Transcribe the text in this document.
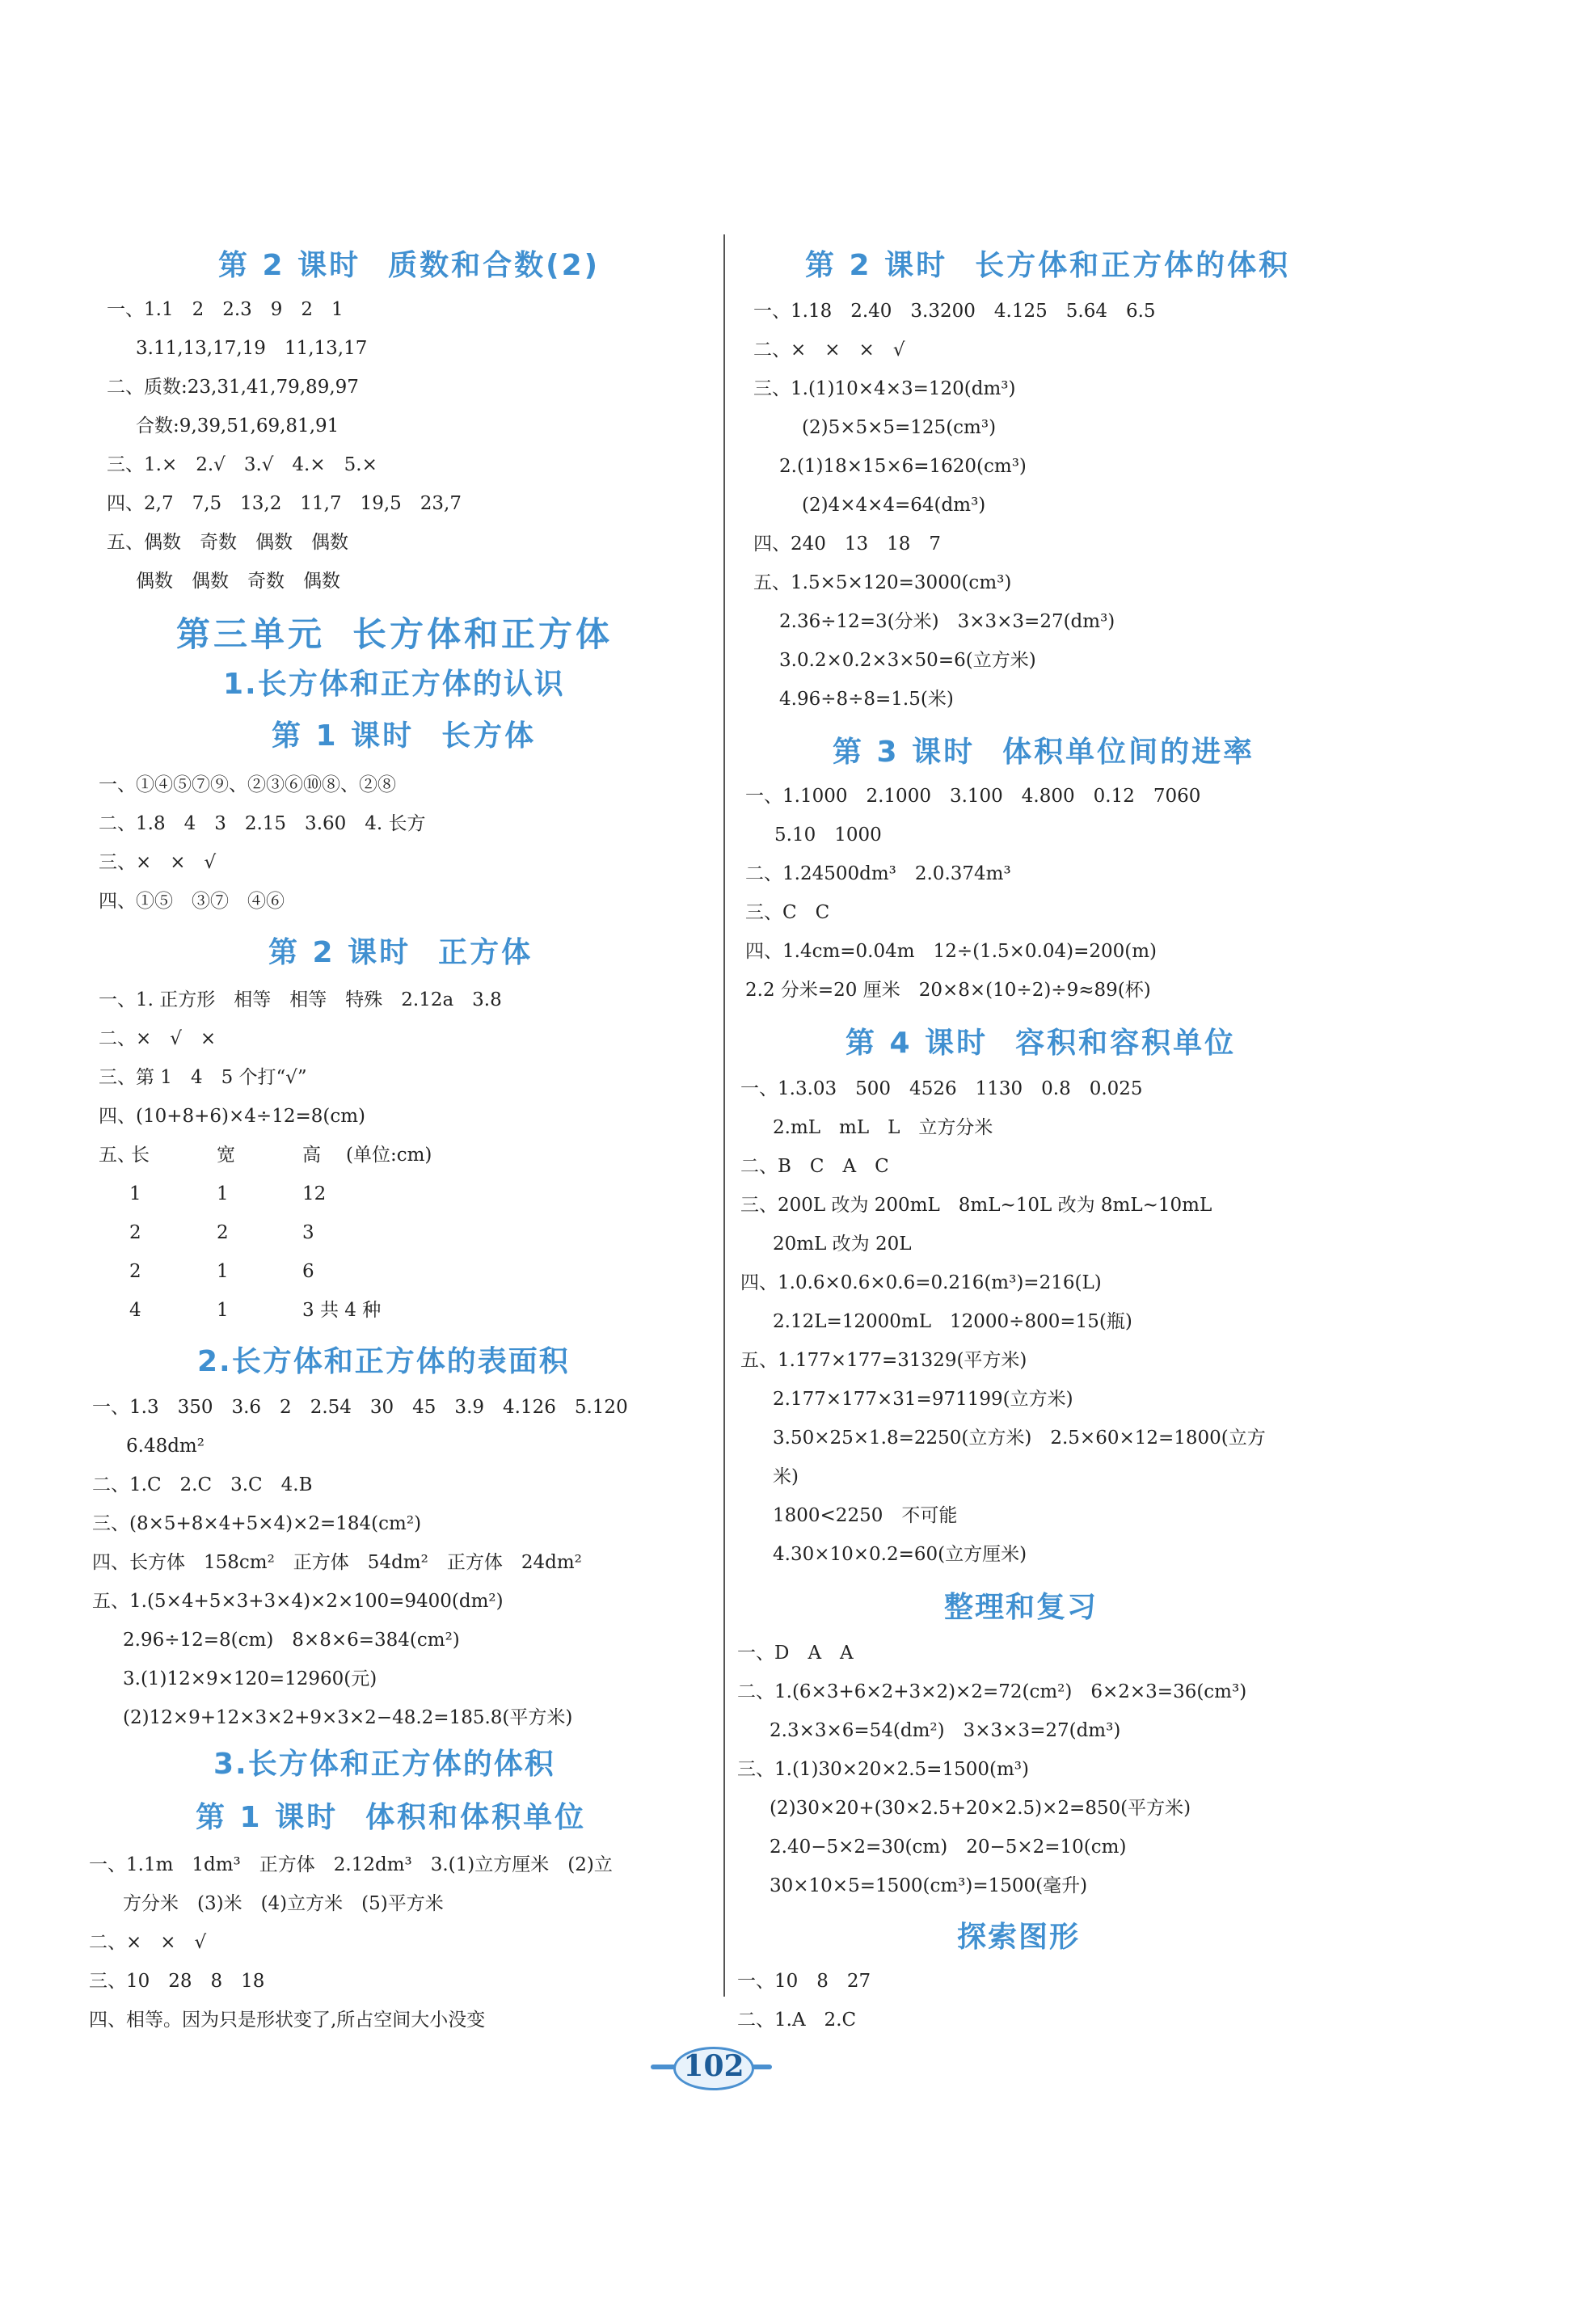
第 2 课时 质数和合数(2)
一、1.1　2　2.3　9　2　1
3.11,13,17,19　11,13,17
二、质数:23,31,41,79,89,97
合数:9,39,51,69,81,91
三、1.×　2.√　3.√　4.×　5.×
四、2,7　7,5　13,2　11,7　19,5　23,7
五、偶数　奇数　偶数　偶数
偶数　偶数　奇数　偶数
第三单元 长方体和正方体
1.长方体和正方体的认识
第 1 课时 长方体
一、①④⑤⑦⑨、②③⑥⑩⑧、②⑧
二、1.8　4　3　2.15　3.60　4. 长方
三、×　×　√
四、①⑤　③⑦　④⑥
第 2 课时 正方体
一、1. 正方形　相等　相等　特殊　2.12a　3.8
二、×　√　×
三、第 1　4　5 个打“√”
四、(10+8+6)×4÷12=8(cm)
五、
长	宽	高 (单位:cm)
1	1	12
2	2	3
2	1	6
4	1	3 共 4 种
2.长方体和正方体的表面积
一、1.3　350　3.6　2　2.54　30　45　3.9　4.126　5.120
6.48dm²
二、1.C　2.C　3.C　4.B
三、(8×5+8×4+5×4)×2=184(cm²)
四、长方体　158cm²　正方体　54dm²　正方体　24dm²
五、1.(5×4+5×3+3×4)×2×100=9400(dm²)
2.96÷12=8(cm)　8×8×6=384(cm²)
3.(1)12×9×120=12960(元)
(2)12×9+12×3×2+9×3×2−48.2=185.8(平方米)
3.长方体和正方体的体积
第 1 课时 体积和体积单位
一、1.1m　1dm³　正方体　2.12dm³　3.(1)立方厘米　(2)立
方分米　(3)米　(4)立方米　(5)平方米
二、×　×　√
三、10　28　8　18
四、相等。因为只是形状变了,所占空间大小没变
第 2 课时 长方体和正方体的体积
一、1.18　2.40　3.3200　4.125　5.64　6.5
二、×　×　×　√
三、1.(1)10×4×3=120(dm³)
(2)5×5×5=125(cm³)
2.(1)18×15×6=1620(cm³)
(2)4×4×4=64(dm³)
四、240　13　18　7
五、1.5×5×120=3000(cm³)
2.36÷12=3(分米)　3×3×3=27(dm³)
3.0.2×0.2×3×50=6(立方米)
4.96÷8÷8=1.5(米)
第 3 课时 体积单位间的进率
一、1.1000　2.1000　3.100　4.800　0.12　7060
5.10　1000
二、1.24500dm³　2.0.374m³
三、C　C
四、1.4cm=0.04m　12÷(1.5×0.04)=200(m)
2.2 分米=20 厘米　20×8×(10÷2)÷9≈89(杯)
第 4 课时 容积和容积单位
一、1.3.03　500　4526　1130　0.8　0.025
2.mL　mL　L　立方分米
二、B　C　A　C
三、200L 改为 200mL　8mL~10L 改为 8mL~10mL
20mL 改为 20L
四、1.0.6×0.6×0.6=0.216(m³)=216(L)
2.12L=12000mL　12000÷800=15(瓶)
五、1.177×177=31329(平方米)
2.177×177×31=971199(立方米)
3.50×25×1.8=2250(立方米)　2.5×60×12=1800(立方
米)
1800<2250　不可能
4.30×10×0.2=60(立方厘米)
整理和复习
一、D　A　A
二、1.(6×3+6×2+3×2)×2=72(cm²)　6×2×3=36(cm³)
2.3×3×6=54(dm²)　3×3×3=27(dm³)
三、1.(1)30×20×2.5=1500(m³)
(2)30×20+(30×2.5+20×2.5)×2=850(平方米)
2.40−5×2=30(cm)　20−5×2=10(cm)
30×10×5=1500(cm³)=1500(毫升)
探索图形
一、10　8　27
二、1.A　2.C
102
